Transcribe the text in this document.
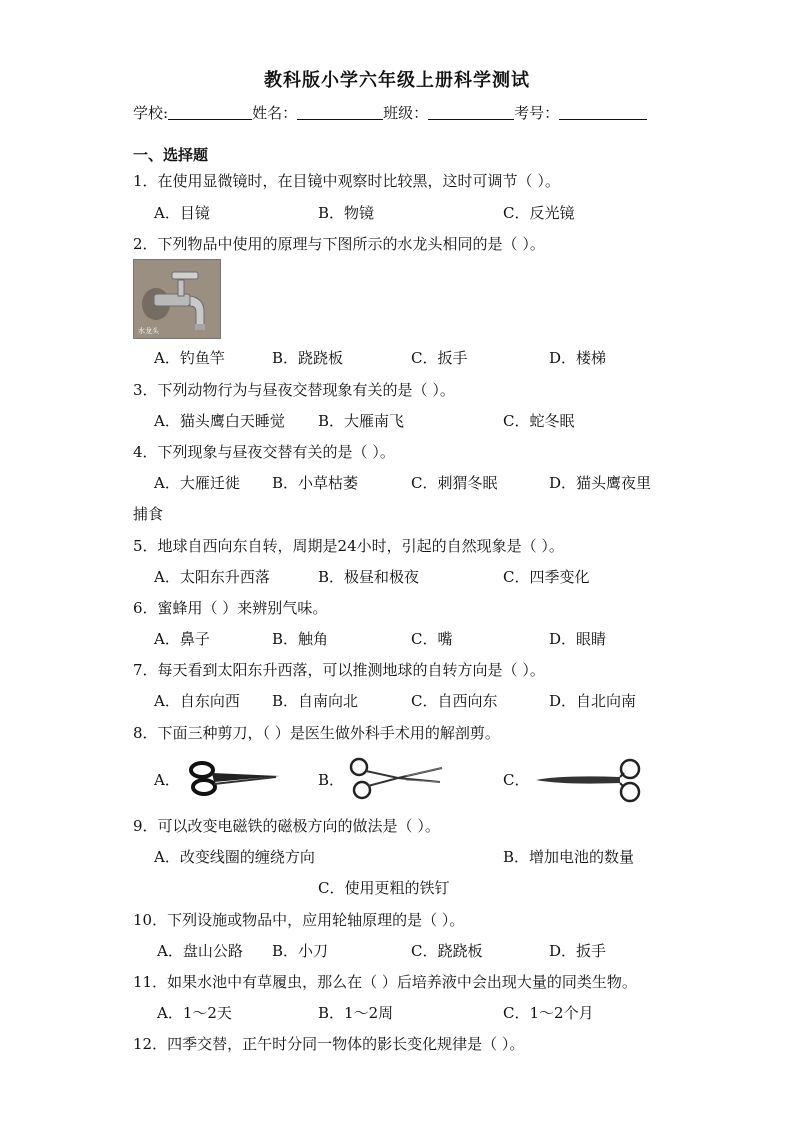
教科版小学六年级上册科学测试
学校:	姓名：	班级：	考号：
一、选择题
1．在使用显微镜时，在目镜中观察时比较黑，这时可调节（ ）。
A．目镜	B．物镜	C．反光镜
2．下列物品中使用的原理与下图所示的水龙头相同的是（ ）。
水龙头
A．钓鱼竿	B．跷跷板	C．扳手	D．楼梯
3．下列动物行为与昼夜交替现象有关的是（ ）。
A．猫头鹰白天睡觉 B．大雁南飞	C．蛇冬眠
4．下列现象与昼夜交替有关的是（ ）。
A．大雁迁徙 B．小草枯萎	C．刺猬冬眠	D．猫头鹰夜里
捕食
5．地球自西向东自转，周期是24小时，引起的自然现象是（ ）。
A．太阳东升西落	B．极昼和极夜	C．四季变化
6．蜜蜂用（ ）来辨别气味。
A．鼻子	B．触角	C．嘴	D．眼睛
7．每天看到太阳东升西落，可以推测地球的自转方向是（ ）。
A．自东向西 B．自南向北	C．自西向东	D．自北向南
8．下面三种剪刀，（ ）是医生做外科手术用的解剖剪。
A．	B．	C．
9．可以改变电磁铁的磁极方向的做法是（ ）。
A．改变线圈的缠绕方向	B．增加电池的数量
C．使用更粗的铁钉
10．下列设施或物品中，应用轮轴原理的是（ ）。
A．盘山公路 B．小刀	C．跷跷板	D．扳手
11．如果水池中有草履虫，那么在（ ）后培养液中会出现大量的同类生物。
A．1～2天	B．1～2周	C．1～2个月
12．四季交替，正午时分同一物体的影长变化规律是（ ）。
